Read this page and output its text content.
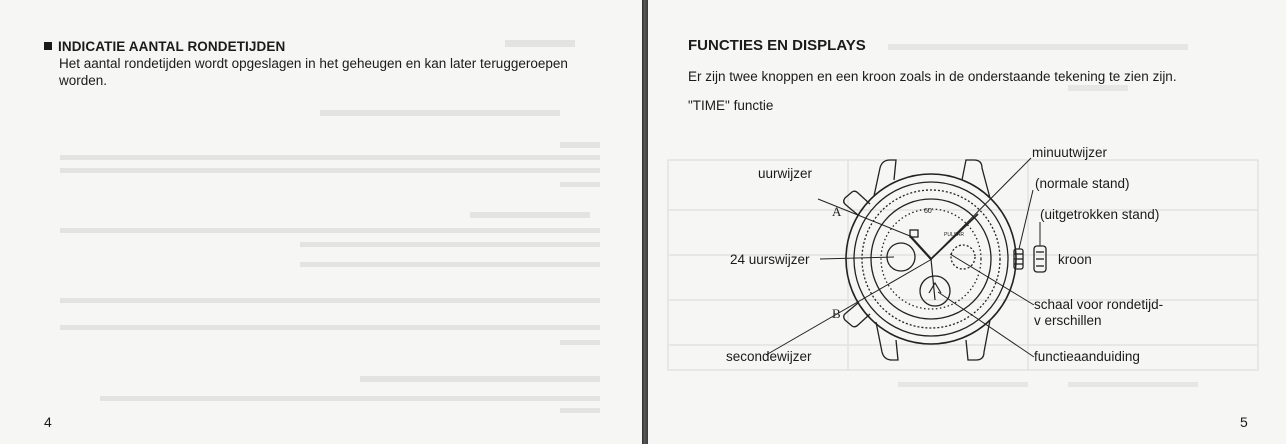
INDICATIE AANTAL RONDETIJDEN
Het aantal rondetijden wordt opgeslagen in het geheugen en kan later teruggeroepen worden.
4
FUNCTIES EN DISPLAYS
Er zijn twee knoppen en een kroon zoals in de onderstaande tekening te zien zijn.
"TIME" functie
A
B
60
PULSAR
uurwijzer
24 uurswijzer
secondewijzer
minuutwijzer
(normale stand)
(uitgetrokken stand)
kroon
schaal voor rondetijd-
v erschillen
functieaanduiding
5
